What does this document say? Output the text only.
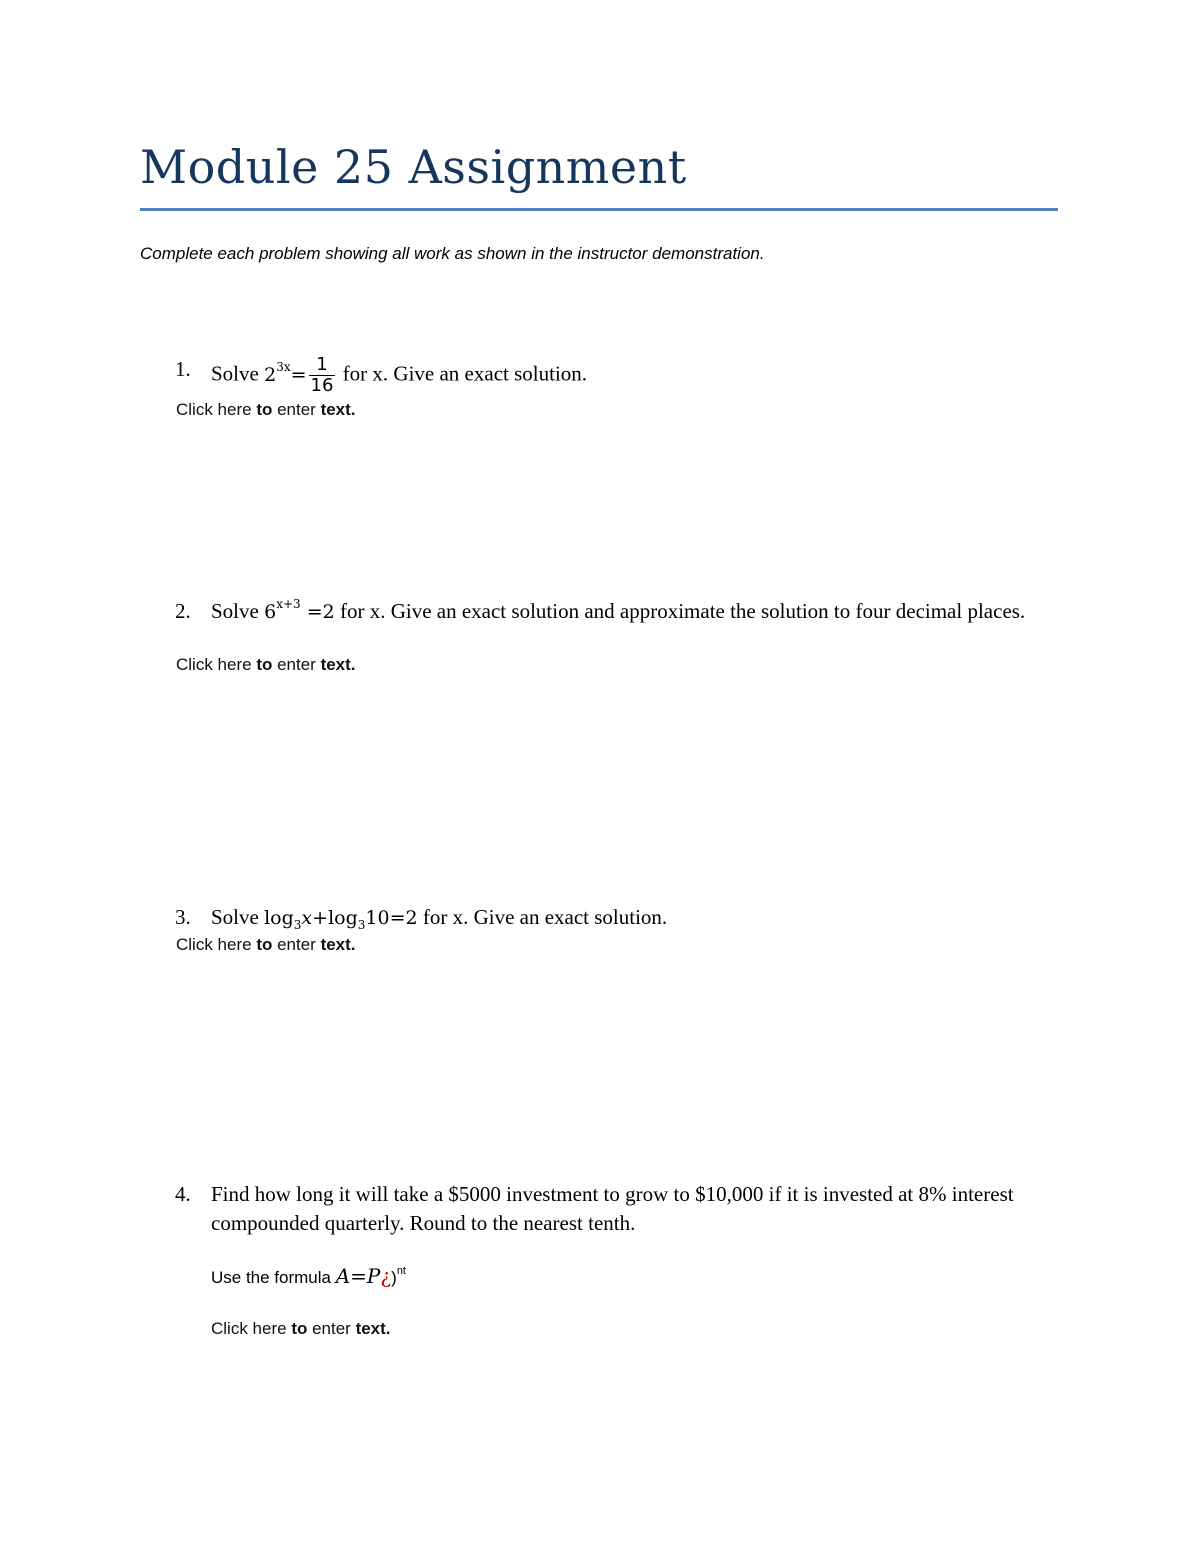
Module 25 Assignment
Complete each problem showing all work as shown in the instructor demonstration.
1. Solve $2^{3x}= \frac{1}{16}$ for x. Give an exact solution.
Click here to enter text.
2. Solve $6^{x+3} =2$ for x. Give an exact solution and approximate the solution to four decimal places.
Click here to enter text.
3. Solve $\log_3x+\log_310=2$ for x. Give an exact solution.
Click here to enter text.
4. Find how long it will take a $5000 investment to grow to $10,000 if it is invested at 8% interest compounded quarterly. Round to the nearest tenth.
Use the formula A=P¿)$^{nt}$
Click here to enter text.
